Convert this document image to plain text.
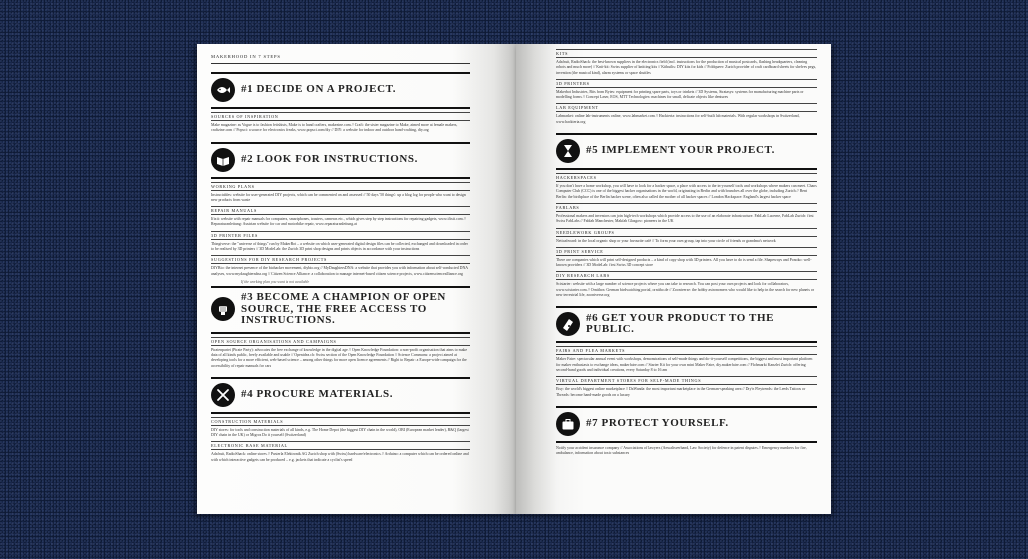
MAKERHOOD IN 7 STEPS
#1 DECIDE ON A PROJECT.
SOURCES OF INSPIRATION
Make magazine: as Vogue is to fashion fetishists, Make is to hand crafters, makezine.com // Craft: the sister magazine to Make, aimed more at female makers, craftzine.com // Popsci: a source for electronics freaks, www.popsci.com/diy // DIY: a website for indoor and outdoor hand-crafting, diy.org
#2 LOOK FOR INSTRUCTIONS.
WORKING PLANS
Instructables: website for user-generated DIY projects, which can be commented on and assessed // 50 days '50 things': up a blog log for people who want to design new products from waste
REPAIR MANUALS
Ifixit: website with repair manuals for computers, smartphones, toasters, cameras etc., which gives step by step instructions for repairing gadgets, www.ifixit.com // Reparaturanleitung: Austrian website for car and motorbike repair, www.reparaturanleitung.at
3D PRINTER FILES
Thingiverse: the "universe of things" run by MakerBot – a website on which user-generated digital design files can be collected, exchanged and downloaded in order to be realised by 3D printers // 3D ModeLab: the Zurich 3D print shop designs and prints objects in accordance with your instructions
SUGGESTIONS FOR DIY RESEARCH PROJECTS
DIYBio: the internet presence of the biohacker movement, diybio.org // MyDaughtersDNA: a website that provides you with information about self-conducted DNA analyses, www.mydaughtersdna.org // Citizen Science Alliance: a collaboration to manage internet-based citizen science projects, www.citizensciencealliance.org
If the working plan you want is not available
#3 BECOME A CHAMPION OF OPEN SOURCE, THE FREE ACCESS TO INSTRUCTIONS.
OPEN SOURCE ORGANISATIONS AND CAMPAIGNS
Piratenpartei (Pirate Party): advocates the free exchange of knowledge in the digital age // Open Knowledge Foundation: a non-profit organisation that aims to make data of all kinds public, freely available and usable // Openidea.ch: Swiss section of the Open Knowledge Foundation // Science Commons: a project aimed at developing tools for a more efficient, web-based science – among other things for more open licence agreements // Right to Repair: a Europe-wide campaign for the accessibility of repair manuals for cars
#4 PROCURE MATERIALS.
CONSTRUCTION MATERIALS
DIY stores: for tools and construction materials of all kinds, e.g. The Home Depot (the biggest DIY chain in the world), OBI (European market leader), B&Q (largest DIY chain in the UK) or Migros Do it yourself (Switzerland)
ELECTRONIC BASE MATERIAL
Adafruit, RadioShack: online stores // Pusterla Elektronik AG Zurich shop with (Swiss) hardware/electronics // Arduino: a computer which can be ordered online and with which interactive gadgets can be produced – e.g. jackets that indicate a cyclist's speed
KITS
Adafruit, RadioShack: the best-known suppliers in the electronics field (incl. instructions for the production of musical postcards, flashing headquarters, cleaning robots and much more) // Knit-kit: Swiss supplier of knitting kits // Kitbuilts: DIY kits for kids // Foldqueer: Zurich provider of craft cardboard sheets for shelves pegs, invention (the musical kind), alarm systems or space shuttles
3D PRINTERS
Makerbot Industries, Bits from Bytes: equipment for printing spare parts, toys or trinkets // 3D Systems, Stratasys: systems for manufacturing machine parts or modelling forms // Concept Laser, EOS, MTT Technologies: machines for small, delicate objects like dentures
LAB EQUIPMENT
Labmarket: online lab-instruments online, www.labmarket.com // Hackteria: instructions for self-built lab materials. With regular workshops in Switzerland, www.hackteria.org
#5 IMPLEMENT YOUR PROJECT.
HACKERSPACES
If you don't have a home workshop, you will have to look for a hacker space, a place with access to the in-yourself tools and workshops where makers can meet. Chaos Computer Club (CCC) is one of the biggest hacker organisations in the world, originating in Berlin and with branches all over the globe, including Zurich // Bent Berlin: the birthplace of the Berlin hacker scene, often also called the mother of all hacker spaces // London Hackspace: England's largest hacker space
FABLABS
Professional makers and inventors can join high-tech workshops which provide access to the use of an elaborate infrastructure. FabLab Lucerne, FabLab Zurich: first Swiss FabLabs // Fablab Manchester, Makfab Glasgow: pioneers in the UK
NEEDLEWORK GROUPS
Nettcafeoard: in the local organic shop or your favourite café // To form your own group, tap into your circle of friends or grandma's network
3D PRINT SERVICE
There are companies which will print self-designed products – a kind of copy shop with 3D printers. All you have to do is send a file. Shapeways and Ponoko: well-known providers // 3D ModeLab: first Swiss 3D concept store
DIY RESEARCH LABS
Scistarter: website with a large number of science projects where you can take to research. You can post your own projects and look for collaborators, www.scistarter.com // Ornithos: German birdwatching portal, ornitho.de // Zooniverse: the hobby astronomers who would like to help in the search for new planets or new terrestrial life, zooniverse.org
#6 GET YOUR PRODUCT TO THE PUBLIC.
FAIRS AND FLEA MARKETS
Maker Faire: spectacular annual event with workshops, demonstrations of self-made things and do-it-yourself competitions, the biggest and most important platform for maker enthusiasts to exchange ideas, makerfaire.com // Starter Kit for your own mini Maker Faire, diy.makerfaire.com // Flohmarkt Kanzlei Zurich: offering second-hand goods and individual creations, every Saturday 8 to 16 am
VIRTUAL DEPARTMENT STORES FOR SELF-MADE THINGS
Etsy: the world's biggest online marketplace // DaWanda: the most important marketplace in the German-speaking area // Dry'n Fleytrends: the Leeds Tattoos or Threads: become hand-made goods on a luxury
#7 PROTECT YOURSELF.
Notify your accident insurance company // Associations of lawyers (Anwaltsverband, Law Society) for defence in patent disputes // Emergency numbers for fire, ambulance, information about toxic substances
